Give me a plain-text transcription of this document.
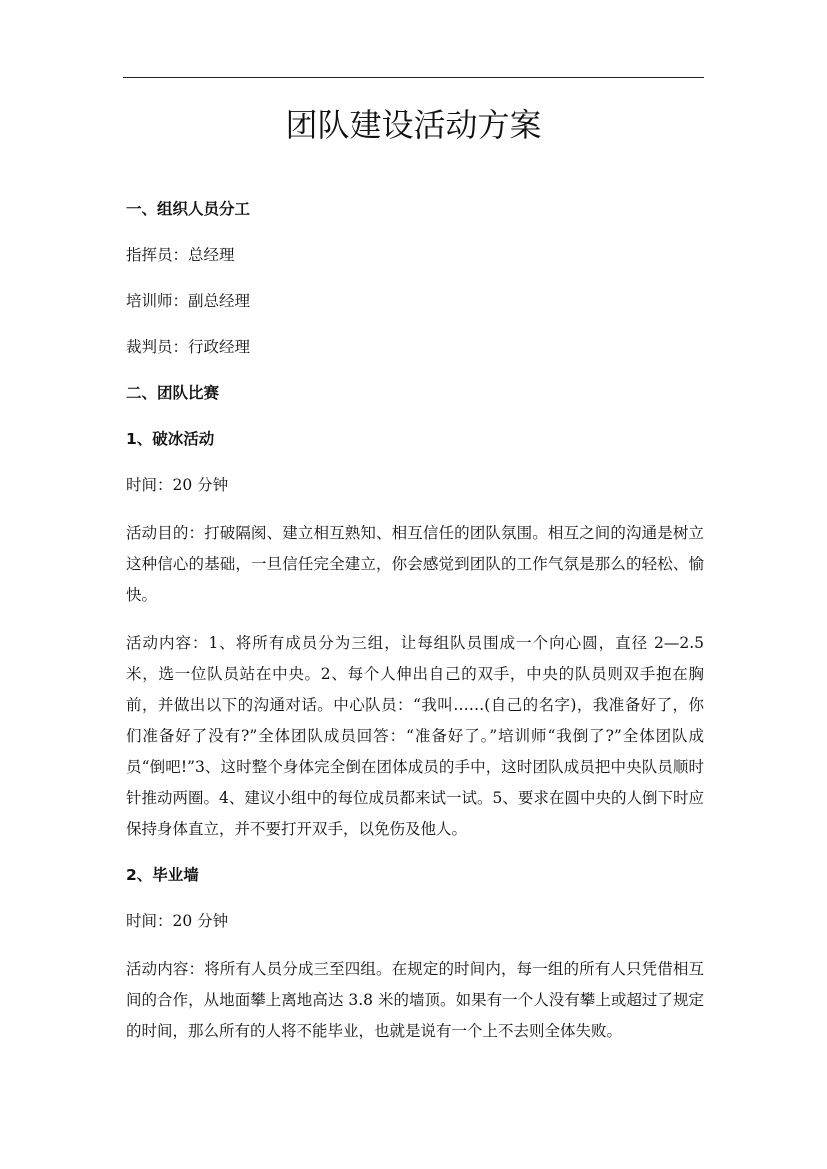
团队建设活动方案
一、组织人员分工
指挥员：总经理
培训师：副总经理
裁判员：行政经理
二、团队比赛
1、破冰活动
时间：20 分钟
活动目的：打破隔阂、建立相互熟知、相互信任的团队氛围。相互之间的沟通是树立这种信心的基础，一旦信任完全建立，你会感觉到团队的工作气氛是那么的轻松、愉快。
活动内容：1、将所有成员分为三组，让每组队员围成一个向心圆，直径 2—2.5 米，选一位队员站在中央。2、每个人伸出自己的双手，中央的队员则双手抱在胸前，并做出以下的沟通对话。中心队员：“我叫……(自己的名字)，我准备好了，你们准备好了没有?”全体团队成员回答：“准备好了。”培训师“我倒了?”全体团队成员“倒吧!”3、这时整个身体完全倒在团体成员的手中，这时团队成员把中央队员顺时针推动两圈。4、建议小组中的每位成员都来试一试。5、要求在圆中央的人倒下时应保持身体直立，并不要打开双手，以免伤及他人。
2、毕业墙
时间：20 分钟
活动内容：将所有人员分成三至四组。在规定的时间内，每一组的所有人只凭借相互间的合作，从地面攀上离地高达 3.8 米的墙顶。如果有一个人没有攀上或超过了规定的时间，那么所有的人将不能毕业，也就是说有一个上不去则全体失败。
